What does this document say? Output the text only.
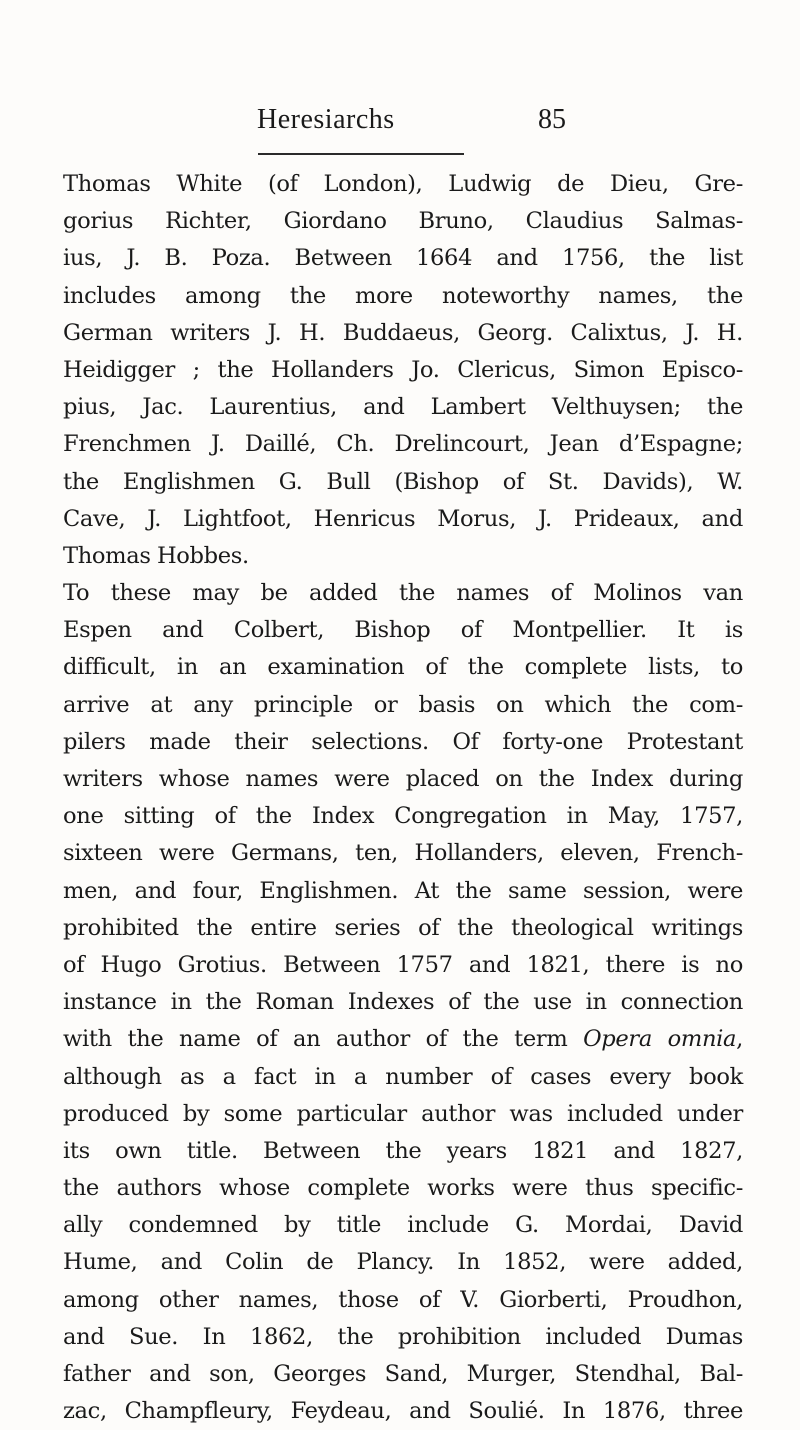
Heresiarchs	85
Thomas White (of London), Ludwig de Dieu, Gre-
gorius Richter, Giordano Bruno, Claudius Salmas-
ius, J. B. Poza. Between 1664 and 1756, the list
includes among the more noteworthy names, the
German writers J. H. Buddaeus, Georg. Calixtus, J. H.
Heidigger ; the Hollanders Jo. Clericus, Simon Episco-
pius, Jac. Laurentius, and Lambert Velthuysen; the
Frenchmen J. Daillé, Ch. Drelincourt, Jean d’Espagne;
the Englishmen G. Bull (Bishop of St. Davids), W.
Cave, J. Lightfoot, Henricus Morus, J. Prideaux, and
Thomas Hobbes.
To these may be added the names of Molinos van
Espen and Colbert, Bishop of Montpellier. It is
difficult, in an examination of the complete lists, to
arrive at any principle or basis on which the com-
pilers made their selections. Of forty-one Protestant
writers whose names were placed on the Index during
one sitting of the Index Congregation in May, 1757,
sixteen were Germans, ten, Hollanders, eleven, French-
men, and four, Englishmen. At the same session, were
prohibited the entire series of the theological writings
of Hugo Grotius. Between 1757 and 1821, there is no
instance in the Roman Indexes of the use in connection
with the name of an author of the term Opera omnia,
although as a fact in a number of cases every book
produced by some particular author was included under
its own title. Between the years 1821 and 1827,
the authors whose complete works were thus specific-
ally condemned by title include G. Mordai, David
Hume, and Colin de Plancy. In 1852, were added,
among other names, those of V. Giorberti, Proudhon,
and Sue. In 1862, the prohibition included Dumas
father and son, Georges Sand, Murger, Stendhal, Bal-
zac, Champfleury, Feydeau, and Soulié. In 1876, three
